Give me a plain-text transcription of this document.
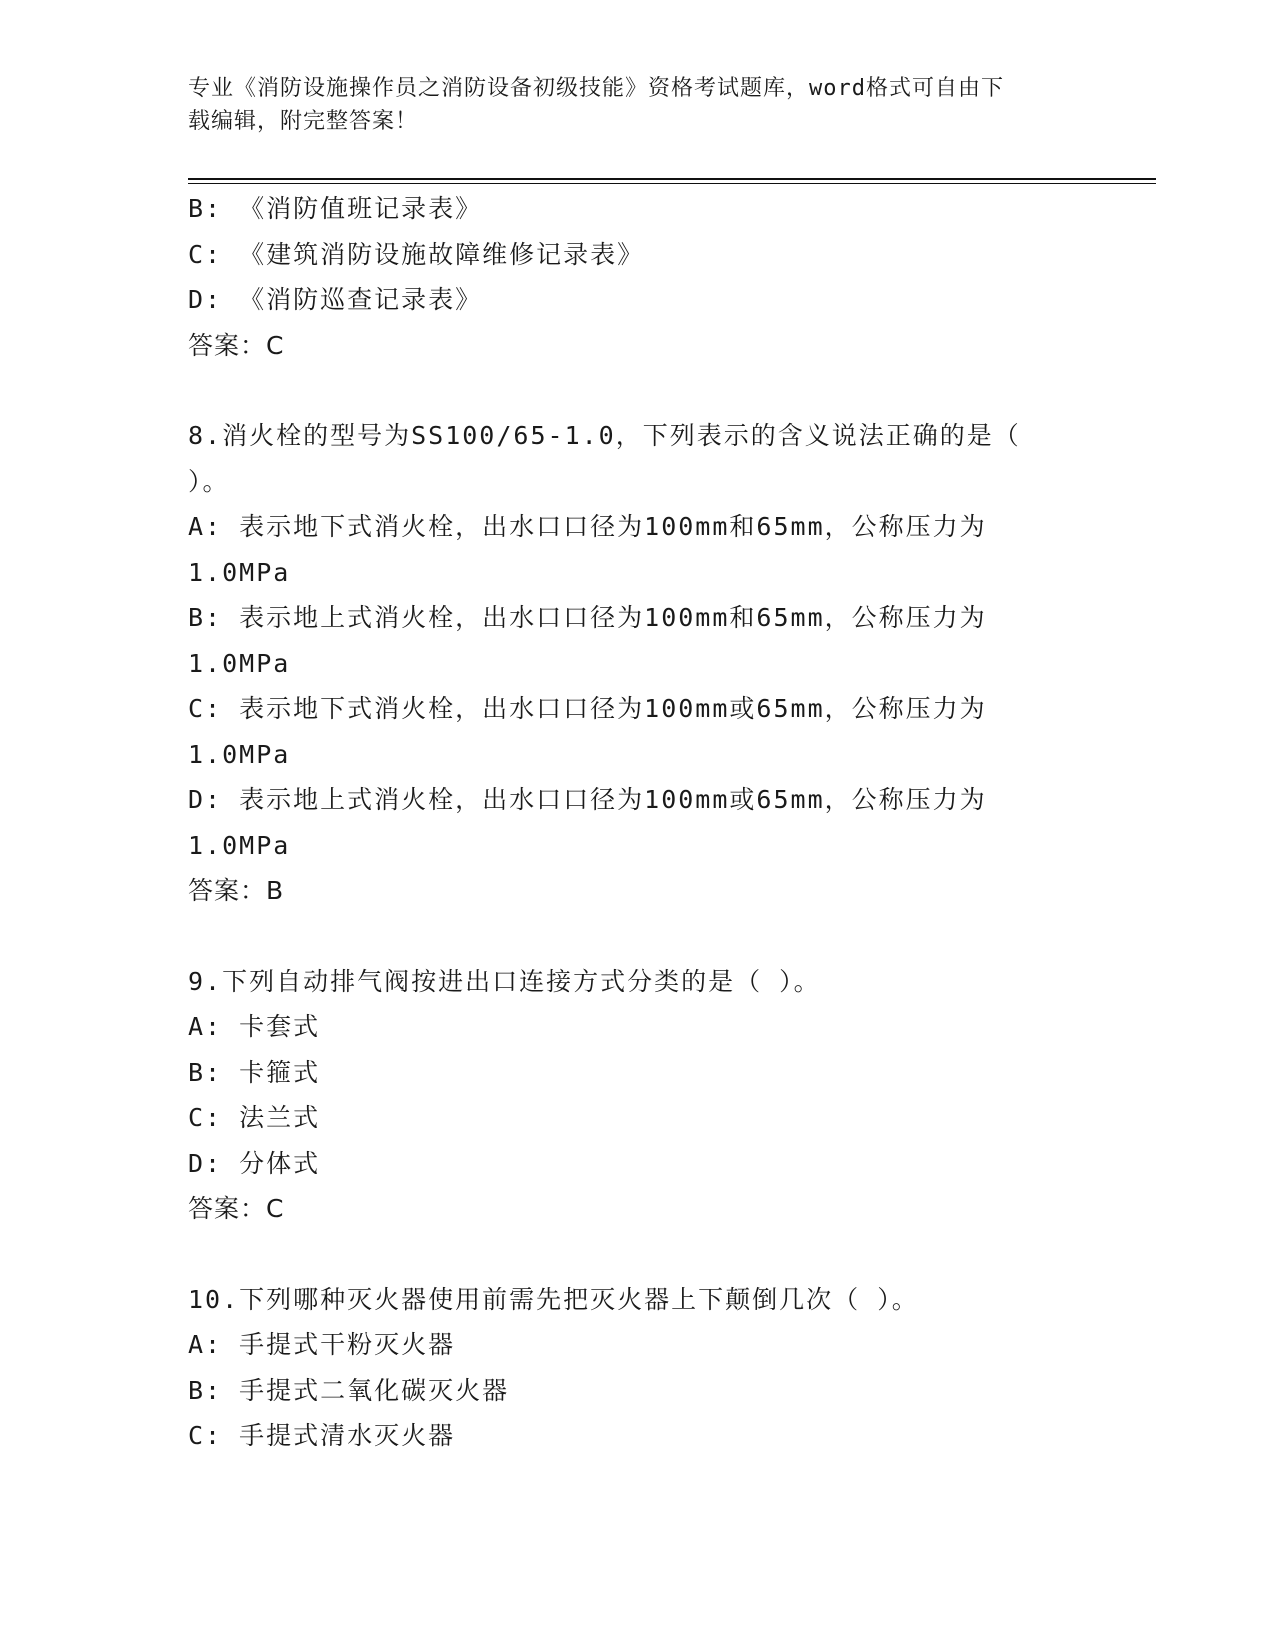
专业《消防设施操作员之消防设备初级技能》资格考试题库，word格式可自由下
载编辑，附完整答案！
B: 《消防值班记录表》
C: 《建筑消防设施故障维修记录表》
D: 《消防巡查记录表》
答案：C
8.消火栓的型号为SS100/65-1.0，下列表示的含义说法正确的是（
）。
A: 表示地下式消火栓，出水口口径为100mm和65mm，公称压力为
1.0MPa
B: 表示地上式消火栓，出水口口径为100mm和65mm，公称压力为
1.0MPa
C: 表示地下式消火栓，出水口口径为100mm或65mm，公称压力为
1.0MPa
D: 表示地上式消火栓，出水口口径为100mm或65mm，公称压力为
1.0MPa
答案：B
9.下列自动排气阀按进出口连接方式分类的是（ ）。
A: 卡套式
B: 卡箍式
C: 法兰式
D: 分体式
答案：C
10.下列哪种灭火器使用前需先把灭火器上下颠倒几次（ ）。
A: 手提式干粉灭火器
B: 手提式二氧化碳灭火器
C: 手提式清水灭火器
